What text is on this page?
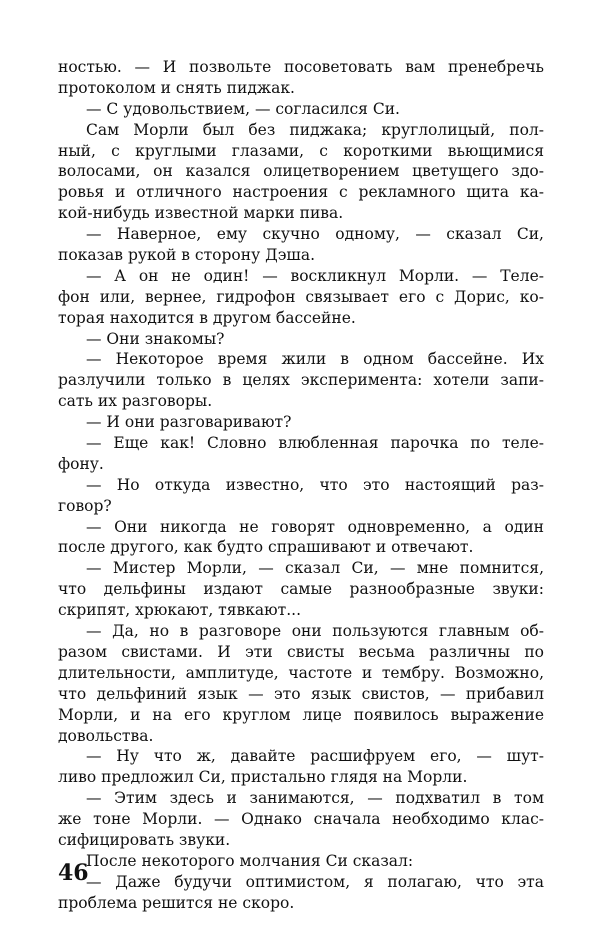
ностью. — И позвольте посоветовать вам пренебречь
протоколом и снять пиджак.
— С удовольствием, — согласился Си.
Сам Морли был без пиджака; круглолицый, пол-
ный, с круглыми глазами, с короткими вьющимися
волосами, он казался олицетворением цветущего здо-
ровья и отличного настроения с рекламного щита ка-
кой-нибудь известной марки пива.
— Наверное, ему скучно одному, — сказал Си,
показав рукой в сторону Дэша.
— А он не один! — воскликнул Морли. — Теле-
фон или, вернее, гидрофон связывает его с Дорис, ко-
торая находится в другом бассейне.
— Они знакомы?
— Некоторое время жили в одном бассейне. Их
разлучили только в целях эксперимента: хотели запи-
сать их разговоры.
— И они разговаривают?
— Еще как! Словно влюбленная парочка по теле-
фону.
— Но откуда известно, что это настоящий раз-
говор?
— Они никогда не говорят одновременно, а один
после другого, как будто спрашивают и отвечают.
— Мистер Морли, — сказал Си, — мне помнится,
что дельфины издают самые разнообразные звуки:
скрипят, хрюкают, тявкают...
— Да, но в разговоре они пользуются главным об-
разом свистами. И эти свисты весьма различны по
длительности, амплитуде, частоте и тембру. Возможно,
что дельфиний язык — это язык свистов, — прибавил
Морли, и на его круглом лице появилось выражение
довольства.
— Ну что ж, давайте расшифруем его, — шут-
ливо предложил Си, пристально глядя на Морли.
— Этим здесь и занимаются, — подхватил в том
же тоне Морли. — Однако сначала необходимо клас-
сифицировать звуки.
После некоторого молчания Си сказал:
— Даже будучи оптимистом, я полагаю, что эта
проблема решится не скоро.
46
